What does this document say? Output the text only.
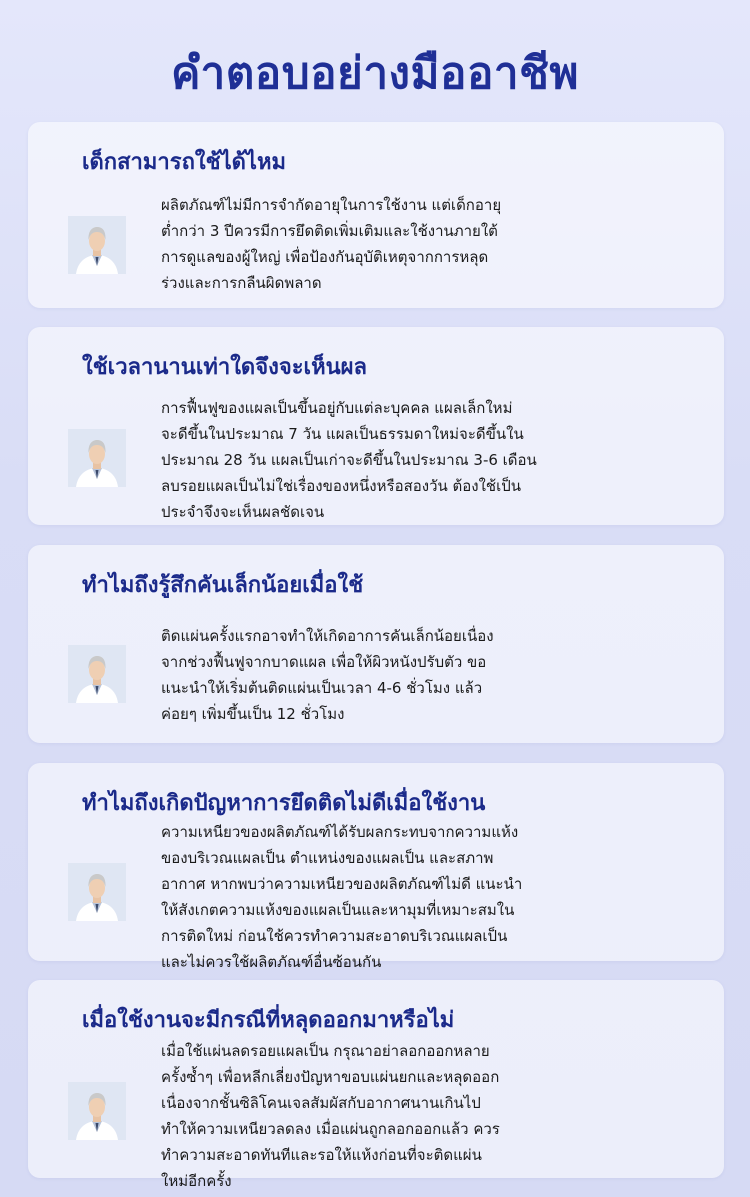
คำตอบอย่างมืออาชีพ
เด็กสามารถใช้ได้ไหม

ผลิตภัณฑ์ไม่มีการจำกัดอายุในการใช้งาน แต่เด็กอายุ
ต่ำกว่า 3 ปีควรมีการยึดติดเพิ่มเติมและใช้งานภายใต้
การดูแลของผู้ใหญ่ เพื่อป้องกันอุบัติเหตุจากการหลุด
ร่วงและการกลืนผิดพลาด

ใช้เวลานานเท่าใดจึงจะเห็นผล

การฟื้นฟูของแผลเป็นขึ้นอยู่กับแต่ละบุคคล แผลเล็กใหม่
จะดีขึ้นในประมาณ 7 วัน แผลเป็นธรรมดาใหม่จะดีขึ้นใน
ประมาณ 28 วัน แผลเป็นเก่าจะดีขึ้นในประมาณ 3-6 เดือน
ลบรอยแผลเป็นไม่ใช่เรื่องของหนึ่งหรือสองวัน ต้องใช้เป็น
ประจำจึงจะเห็นผลชัดเจน

ทำไมถึงรู้สึกคันเล็กน้อยเมื่อใช้

ติดแผ่นครั้งแรกอาจทำให้เกิดอาการคันเล็กน้อยเนื่อง
จากช่วงฟื้นฟูจากบาดแผล เพื่อให้ผิวหนังปรับตัว ขอ
แนะนำให้เริ่มต้นติดแผ่นเป็นเวลา 4-6 ชั่วโมง แล้ว
ค่อยๆ เพิ่มขึ้นเป็น 12 ชั่วโมง

ทำไมถึงเกิดปัญหาการยึดติดไม่ดีเมื่อใช้งาน

ความเหนียวของผลิตภัณฑ์ได้รับผลกระทบจากความแห้ง
ของบริเวณแผลเป็น ตำแหน่งของแผลเป็น และสภาพ
อากาศ หากพบว่าความเหนียวของผลิตภัณฑ์ไม่ดี แนะนำ
ให้สังเกตความแห้งของแผลเป็นและหามุมที่เหมาะสมใน
การติดใหม่ ก่อนใช้ควรทำความสะอาดบริเวณแผลเป็น
และไม่ควรใช้ผลิตภัณฑ์อื่นซ้อนกัน

เมื่อใช้งานจะมีกรณีที่หลุดออกมาหรือไม่

เมื่อใช้แผ่นลดรอยแผลเป็น กรุณาอย่าลอกออกหลาย
ครั้งซ้ำๆ เพื่อหลีกเลี่ยงปัญหาขอบแผ่นยกและหลุดออก
เนื่องจากชั้นซิลิโคนเจลสัมผัสกับอากาศนานเกินไป
ทำให้ความเหนียวลดลง เมื่อแผ่นถูกลอกออกแล้ว ควร
ทำความสะอาดทันทีและรอให้แห้งก่อนที่จะติดแผ่น
ใหม่อีกครั้ง
